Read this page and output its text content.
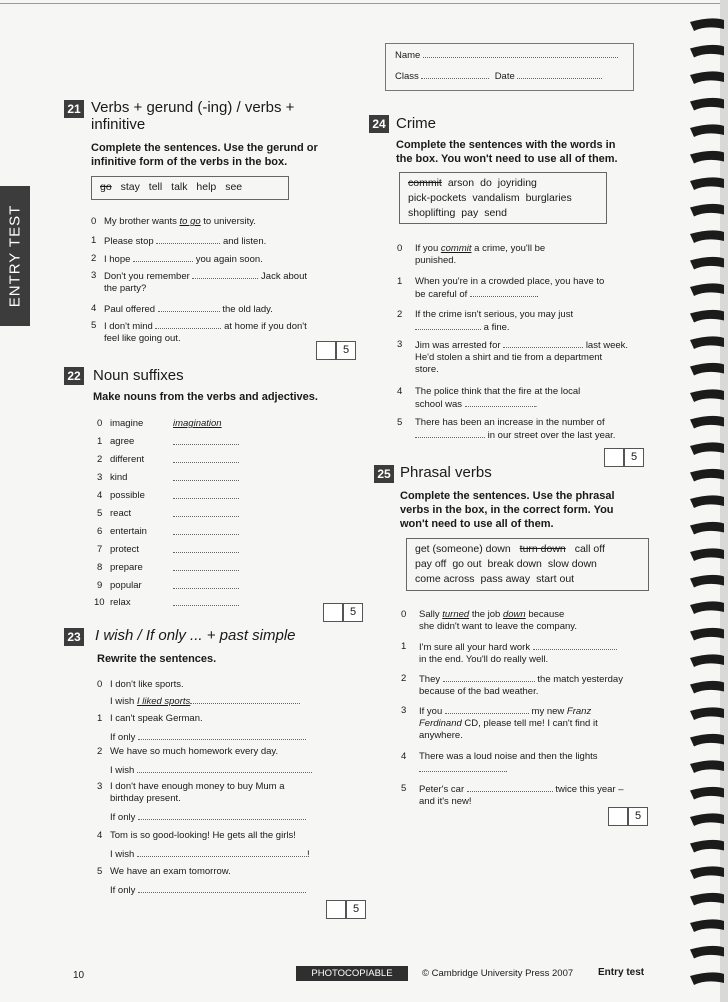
ENTRY TEST
Name
Class	Date
21 Verbs + gerund (-ing) / verbs +
infinitive
Complete the sentences. Use the gerund or
infinitive form of the verbs in the box.
go stay tell talk help see
0 My brother wants to go to university.
1 Please stop	and listen.
2 I hope	you again soon.
3 Don't you remember	Jack about
the party?
4 Paul offered	the old lady.
5 I don't mind	at home if you don't
feel like going out.
5
22 Noun suffixes
Make nouns from the verbs and adjectives.
0 imagine	imagination
1 agree
2 different
3 kind
4 possible
5 react
6 entertain
7 protect
8 prepare
9 popular
10 relax
5
23 I wish / If only ... + past simple
Rewrite the sentences.
0 I don't like sports.
I wish I liked sports
1 I can't speak German.
If only
2 We have so much homework every day.
I wish
3 I don't have enough money to buy Mum a
birthday present.
If only
4 Tom is so good-looking! He gets all the girls!
I wish	!
5 We have an exam tomorrow.
If only
5
24 Crime
Complete the sentences with the words in
the box. You won't need to use all of them.
commit arson do joyriding
pick-pockets vandalism burglaries
shoplifting pay send
0 If you commit a crime, you'll be
punished.
1 When you're in a crowded place, you have to
be careful of	.
2 If the crime isn't serious, you may just
a fine.
3 Jim was arrested for	last week.
He'd stolen a shirt and tie from a department
store.
4 The police think that the fire at the local
school was	.
5 There has been an increase in the number of
in our street over the last year.
5
25 Phrasal verbs
Complete the sentences. Use the phrasal
verbs in the box, in the correct form. You
won't need to use all of them.
get (someone) down turn down call off
pay off go out break down slow down
come across pass away start out
0 Sally turned the job down because
she didn't want to leave the company.
1 I'm sure all your hard work
in the end. You'll do really well.
2 They	the match yesterday
because of the bad weather.
3 If you	my new Franz
Ferdinand CD, please tell me! I can't find it
anywhere.
4 There was a loud noise and then the lights
.
5 Peter's car	twice this year –
and it's new!
5
10	PHOTOCOPIABLE	© Cambridge University Press 2007 Entry test
